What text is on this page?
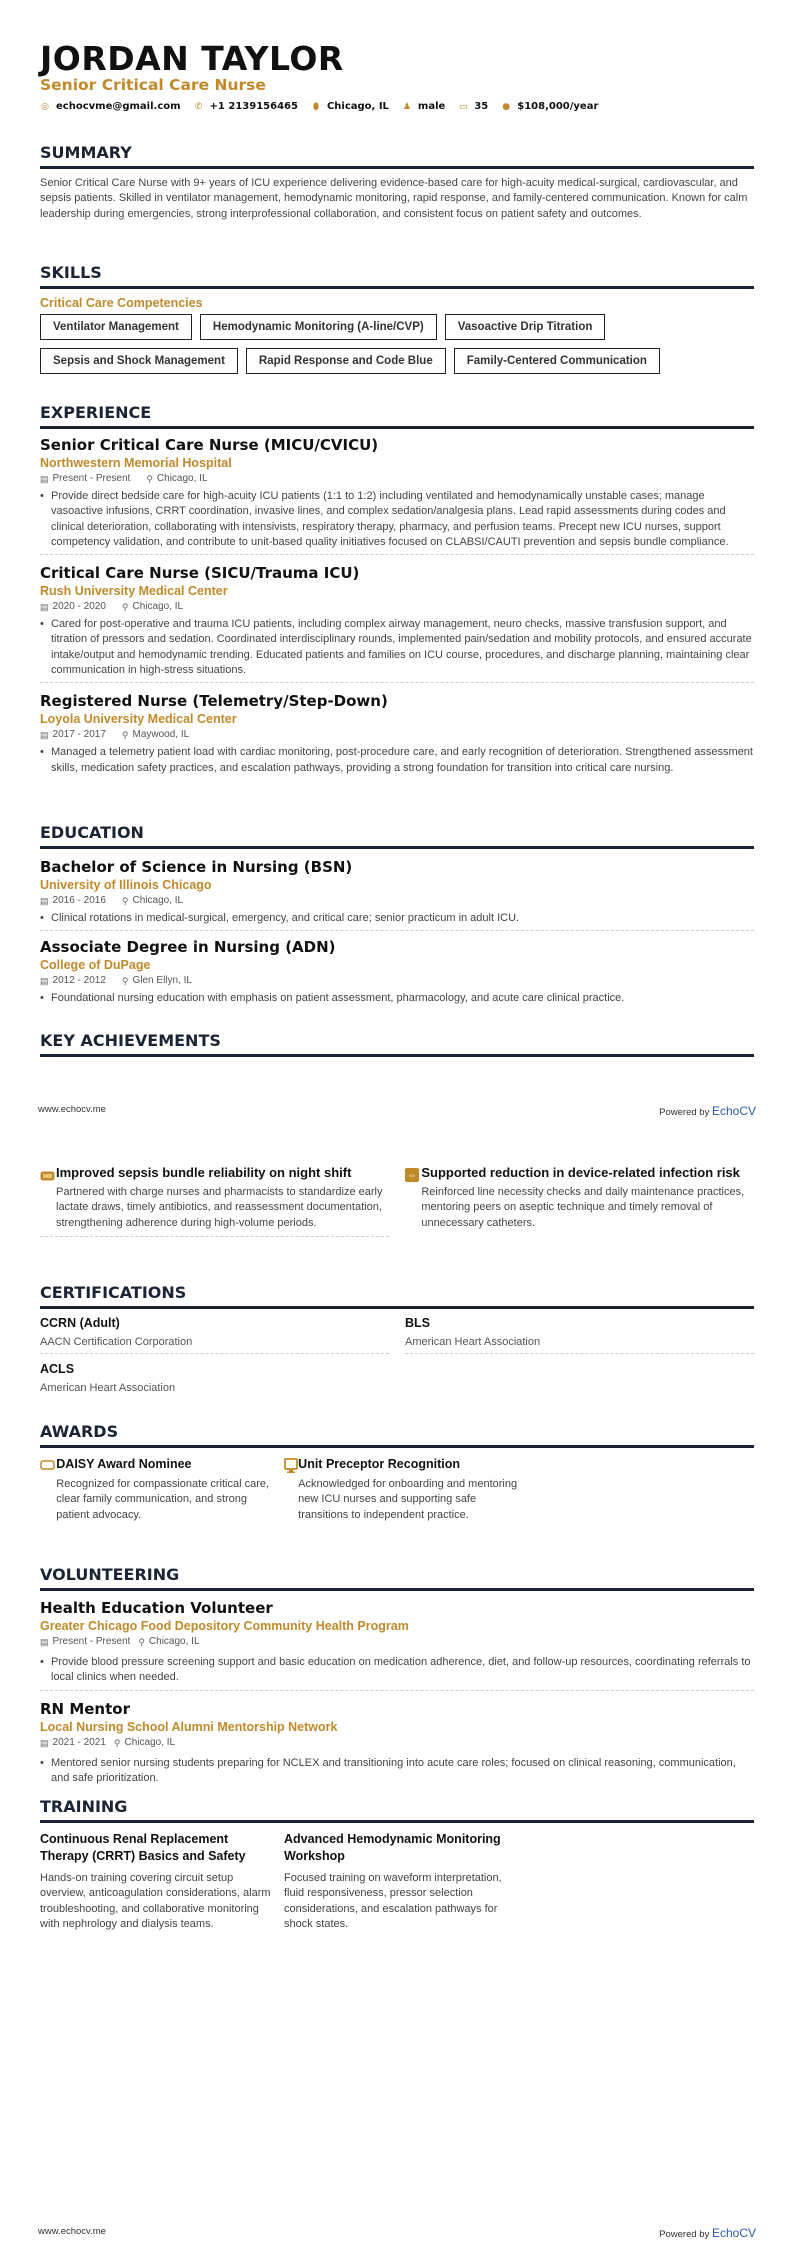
JORDAN TAYLOR
Senior Critical Care Nurse
◎ echocvme@gmail.com ✆ +1 2139156465 ⬮ Chicago, IL ♟ male ▭ 35 ● $108,000/year
SUMMARY
Senior Critical Care Nurse with 9+ years of ICU experience delivering evidence-based care for high-acuity medical-surgical, cardiovascular, and sepsis patients. Skilled in ventilator management, hemodynamic monitoring, rapid response, and family-centered communication. Known for calm leadership during emergencies, strong interprofessional collaboration, and consistent focus on patient safety and outcomes.
SKILLS
Critical Care Competencies
Ventilator Management	Hemodynamic Monitoring (A-line/CVP)	Vasoactive Drip Titration
Sepsis and Shock Management	Rapid Response and Code Blue	Family-Centered Communication
EXPERIENCE
Senior Critical Care Nurse (MICU/CVICU)
Northwestern Memorial Hospital
▤ Present - Present ⚲ Chicago, IL
• Provide direct bedside care for high-acuity ICU patients (1:1 to 1:2) including ventilated and hemodynamically unstable cases; manage vasoactive infusions, CRRT coordination, invasive lines, and complex sedation/analgesia plans. Lead rapid assessments during codes and clinical deterioration, collaborating with intensivists, respiratory therapy, pharmacy, and perfusion teams. Precept new ICU nurses, support competency validation, and contribute to unit-based quality initiatives focused on CLABSI/CAUTI prevention and sepsis bundle compliance.
Critical Care Nurse (SICU/Trauma ICU)
Rush University Medical Center
▤ 2020 - 2020 ⚲ Chicago, IL
• Cared for post-operative and trauma ICU patients, including complex airway management, neuro checks, massive transfusion support, and titration of pressors and sedation. Coordinated interdisciplinary rounds, implemented pain/sedation and mobility protocols, and ensured accurate intake/output and hemodynamic trending. Educated patients and families on ICU course, procedures, and discharge planning, maintaining clear communication in high-stress situations.
Registered Nurse (Telemetry/Step-Down)
Loyola University Medical Center
▤ 2017 - 2017 ⚲ Maywood, IL
• Managed a telemetry patient load with cardiac monitoring, post-procedure care, and early recognition of deterioration. Strengthened assessment skills, medication safety practices, and escalation pathways, providing a strong foundation for transition into critical care nursing.
EDUCATION
Bachelor of Science in Nursing (BSN)
University of Illinois Chicago
▤ 2016 - 2016 ⚲ Chicago, IL
• Clinical rotations in medical-surgical, emergency, and critical care; senior practicum in adult ICU.
Associate Degree in Nursing (ADN)
College of DuPage
▤ 2012 - 2012 ⚲ Glen Ellyn, IL
• Foundational nursing education with emphasis on patient assessment, pharmacology, and acute care clinical practice.
KEY ACHIEVEMENTS
www.echocv.me	Powered by EchoCV
Improved sepsis bundle reliability on night shift

Partnered with charge nurses and pharmacists to standardize early lactate draws, timely antibiotics, and reassessment documentation, strengthening adherence during high-volume periods.

‹› Supported reduction in device-related infection risk

Reinforced line necessity checks and daily maintenance practices, mentoring peers on aseptic technique and timely removal of unnecessary catheters.

CERTIFICATIONS
CCRN (Adult)

AACN Certification Corporation

BLS

American Heart Association

ACLS

American Heart Association

AWARDS
DAISY Award Nominee

Recognized for compassionate critical care, clear family communication, and strong patient advocacy.

Unit Preceptor Recognition

Acknowledged for onboarding and mentoring new ICU nurses and supporting safe transitions to independent practice.

VOLUNTEERING
Health Education Volunteer
Greater Chicago Food Depository Community Health Program
▤ Present - Present ⚲ Chicago, IL
• Provide blood pressure screening support and basic education on medication adherence, diet, and follow-up resources, coordinating referrals to local clinics when needed.
RN Mentor
Local Nursing School Alumni Mentorship Network
▤ 2021 - 2021 ⚲ Chicago, IL
• Mentored senior nursing students preparing for NCLEX and transitioning into acute care roles; focused on clinical reasoning, communication, and safe prioritization.
TRAINING
Continuous Renal Replacement Therapy (CRRT) Basics and Safety

Hands-on training covering circuit setup overview, anticoagulation considerations, alarm troubleshooting, and collaborative monitoring with nephrology and dialysis teams.

Advanced Hemodynamic Monitoring Workshop

Focused training on waveform interpretation, fluid responsiveness, pressor selection considerations, and escalation pathways for shock states.

www.echocv.me	Powered by EchoCV
